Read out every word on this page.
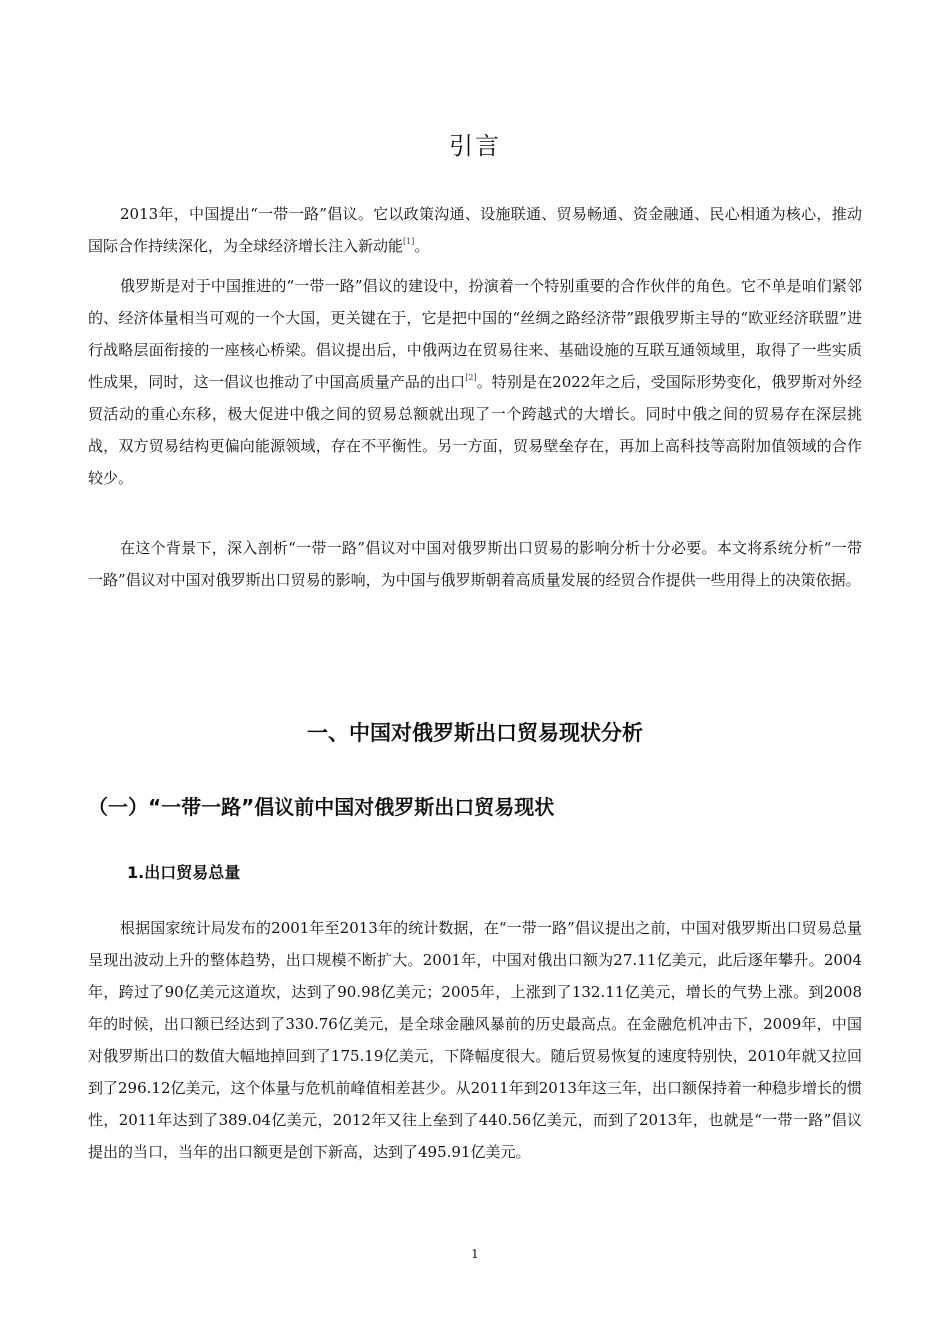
引言

2013年，中国提出“一带一路”倡议。它以政策沟通、设施联通、贸易畅通、资金融通、民心相通为核心，推动国际合作持续深化，为全球经济增长注入新动能[1]。

俄罗斯是对于中国推进的“一带一路”倡议的建设中，扮演着一个特别重要的合作伙伴的角色。它不单是咱们紧邻的、经济体量相当可观的一个大国，更关键在于，它是把中国的“丝绸之路经济带”跟俄罗斯主导的“欧亚经济联盟”进行战略层面衔接的一座核心桥梁。倡议提出后，中俄两边在贸易往来、基础设施的互联互通领域里，取得了一些实质性成果，同时，这一倡议也推动了中国高质量产品的出口[2]。特别是在2022年之后，受国际形势变化，俄罗斯对外经贸活动的重心东移，极大促进中俄之间的贸易总额就出现了一个跨越式的大增长。同时中俄之间的贸易存在深层挑战，双方贸易结构更偏向能源领域，存在不平衡性。另一方面，贸易壁垒存在，再加上高科技等高附加值领域的合作较少。

在这个背景下，深入剖析“一带一路”倡议对中国对俄罗斯出口贸易的影响分析十分必要。本文将系统分析“一带一路”倡议对中国对俄罗斯出口贸易的影响，为中国与俄罗斯朝着高质量发展的经贸合作提供一些用得上的决策依据。

一、中国对俄罗斯出口贸易现状分析
（一）“一带一路”倡议前中国对俄罗斯出口贸易现状
1.出口贸易总量

根据国家统计局发布的2001年至2013年的统计数据，在“一带一路”倡议提出之前，中国对俄罗斯出口贸易总量呈现出波动上升的整体趋势，出口规模不断扩大。2001年，中国对俄出口额为27.11亿美元，此后逐年攀升。2004年，跨过了90亿美元这道坎，达到了90.98亿美元；2005年，上涨到了132.11亿美元，增长的气势上涨。到2008年的时候，出口额已经达到了330.76亿美元，是全球金融风暴前的历史最高点。在金融危机冲击下，2009年，中国对俄罗斯出口的数值大幅地掉回到了175.19亿美元，下降幅度很大。随后贸易恢复的速度特别快，2010年就又拉回到了296.12亿美元，这个体量与危机前峰值相差甚少。从2011年到2013年这三年，出口额保持着一种稳步增长的惯性，2011年达到了389.04亿美元，2012年又往上垒到了440.56亿美元，而到了2013年，也就是“一带一路”倡议提出的当口，当年的出口额更是创下新高，达到了495.91亿美元。

1
